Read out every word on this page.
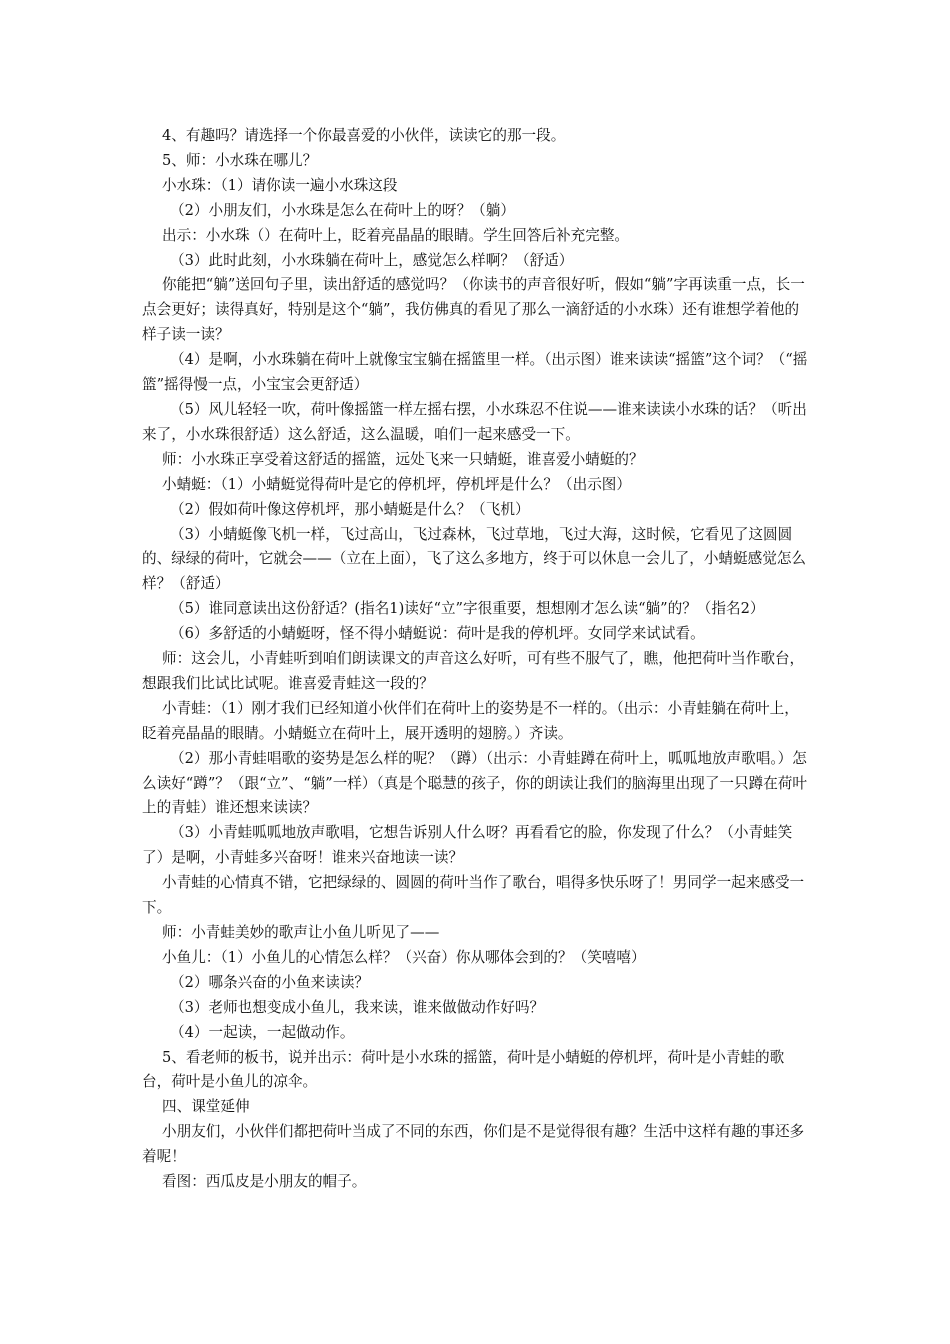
4、有趣吗？请选择一个你最喜爱的小伙伴，读读它的那一段。

5、师：小水珠在哪儿？

小水珠：（1）请你读一遍小水珠这段

（2）小朋友们，小水珠是怎么在荷叶上的呀？（躺）

出示：小水珠（）在荷叶上，眨着亮晶晶的眼睛。学生回答后补充完整。

（3）此时此刻，小水珠躺在荷叶上，感觉怎么样啊？（舒适）

你能把“躺”送回句子里，读出舒适的感觉吗？（你读书的声音很好听，假如“躺”字再读重一点，长一点会更好；读得真好，特别是这个“躺”，我仿佛真的看见了那么一滴舒适的小水珠）还有谁想学着他的样子读一读？

（4）是啊，小水珠躺在荷叶上就像宝宝躺在摇篮里一样。（出示图）谁来读读“摇篮”这个词？（“摇篮”摇得慢一点，小宝宝会更舒适）

（5）风儿轻轻一吹，荷叶像摇篮一样左摇右摆，小水珠忍不住说——谁来读读小水珠的话？（听出来了，小水珠很舒适）这么舒适，这么温暖，咱们一起来感受一下。

师：小水珠正享受着这舒适的摇篮，远处飞来一只蜻蜓，谁喜爱小蜻蜓的？

小蜻蜓：（1）小蜻蜓觉得荷叶是它的停机坪，停机坪是什么？（出示图）

（2）假如荷叶像这停机坪，那小蜻蜓是什么？（飞机）

（3）小蜻蜓像飞机一样，飞过高山，飞过森林，飞过草地，飞过大海，这时候，它看见了这圆圆的、绿绿的荷叶，它就会——（立在上面），飞了这么多地方，终于可以休息一会儿了，小蜻蜓感觉怎么样？（舒适）

（5）谁同意读出这份舒适？(指名1)读好“立”字很重要，想想刚才怎么读“躺”的？（指名2）

（6）多舒适的小蜻蜓呀，怪不得小蜻蜓说：荷叶是我的停机坪。女同学来试试看。

师：这会儿，小青蛙听到咱们朗读课文的声音这么好听，可有些不服气了，瞧，他把荷叶当作歌台，想跟我们比试比试呢。谁喜爱青蛙这一段的？

小青蛙：（1）刚才我们已经知道小伙伴们在荷叶上的姿势是不一样的。（出示：小青蛙躺在荷叶上，眨着亮晶晶的眼睛。小蜻蜓立在荷叶上，展开透明的翅膀。）齐读。

（2）那小青蛙唱歌的姿势是怎么样的呢？（蹲）（出示：小青蛙蹲在荷叶上，呱呱地放声歌唱。）怎么读好“蹲”？（跟“立”、“躺”一样）（真是个聪慧的孩子，你的朗读让我们的脑海里出现了一只蹲在荷叶上的青蛙）谁还想来读读？

（3）小青蛙呱呱地放声歌唱，它想告诉别人什么呀？再看看它的脸，你发现了什么？（小青蛙笑了）是啊，小青蛙多兴奋呀！谁来兴奋地读一读？

小青蛙的心情真不错，它把绿绿的、圆圆的荷叶当作了歌台，唱得多快乐呀了！男同学一起来感受一下。

师：小青蛙美妙的歌声让小鱼儿听见了——

小鱼儿：（1）小鱼儿的心情怎么样？（兴奋）你从哪体会到的？（笑嘻嘻）

（2）哪条兴奋的小鱼来读读？

（3）老师也想变成小鱼儿，我来读，谁来做做动作好吗？

（4）一起读，一起做动作。

5、看老师的板书，说并出示：荷叶是小水珠的摇篮，荷叶是小蜻蜓的停机坪，荷叶是小青蛙的歌台，荷叶是小鱼儿的凉伞。

四、课堂延伸

小朋友们，小伙伴们都把荷叶当成了不同的东西，你们是不是觉得很有趣？生活中这样有趣的事还多着呢！

看图：西瓜皮是小朋友的帽子。
